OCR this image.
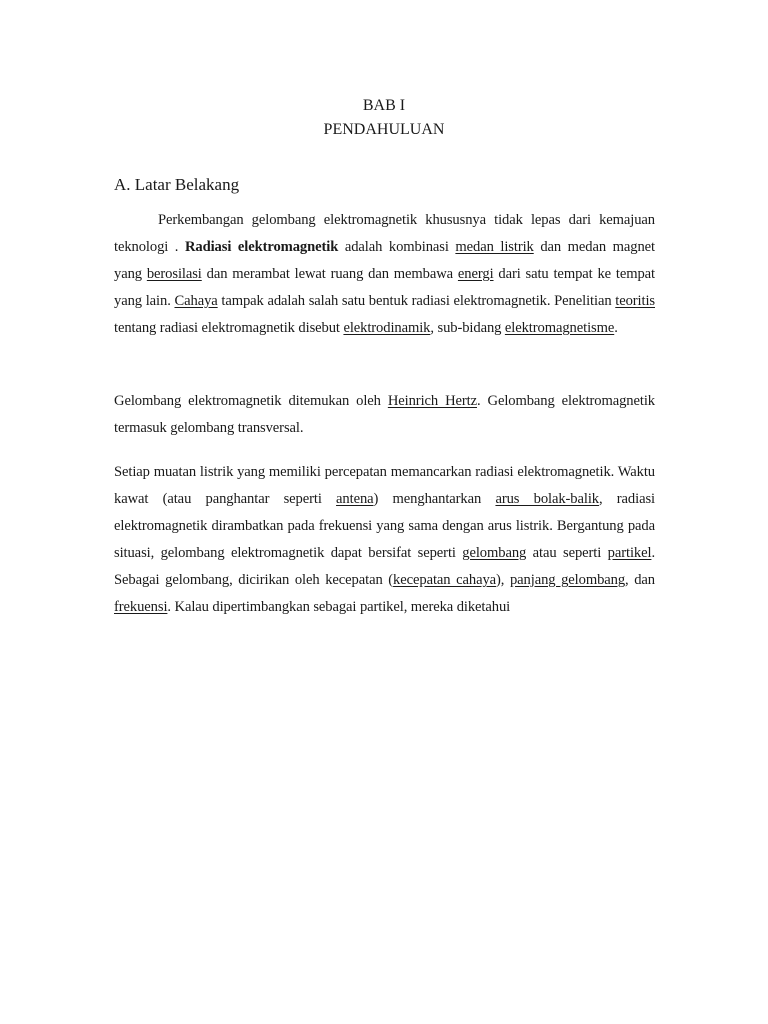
BAB I
PENDAHULUAN
A. Latar Belakang

Perkembangan gelombang elektromagnetik khususnya tidak lepas dari kemajuan teknologi . Radiasi elektromagnetik adalah kombinasi medan listrik dan medan magnet yang berosilasi dan merambat lewat ruang dan membawa energi dari satu tempat ke tempat yang lain. Cahaya tampak adalah salah satu bentuk radiasi elektromagnetik. Penelitian teoritis tentang radiasi elektromagnetik disebut elektrodinamik, sub-bidang elektromagnetisme.

Gelombang elektromagnetik ditemukan oleh Heinrich Hertz. Gelombang elektromagnetik termasuk gelombang transversal.

Setiap muatan listrik yang memiliki percepatan memancarkan radiasi elektromagnetik. Waktu kawat (atau panghantar seperti antena) menghantarkan arus bolak-balik, radiasi elektromagnetik dirambatkan pada frekuensi yang sama dengan arus listrik. Bergantung pada situasi, gelombang elektromagnetik dapat bersifat seperti gelombang atau seperti partikel. Sebagai gelombang, dicirikan oleh kecepatan (kecepatan cahaya), panjang gelombang, dan frekuensi. Kalau dipertimbangkan sebagai partikel, mereka diketahui
